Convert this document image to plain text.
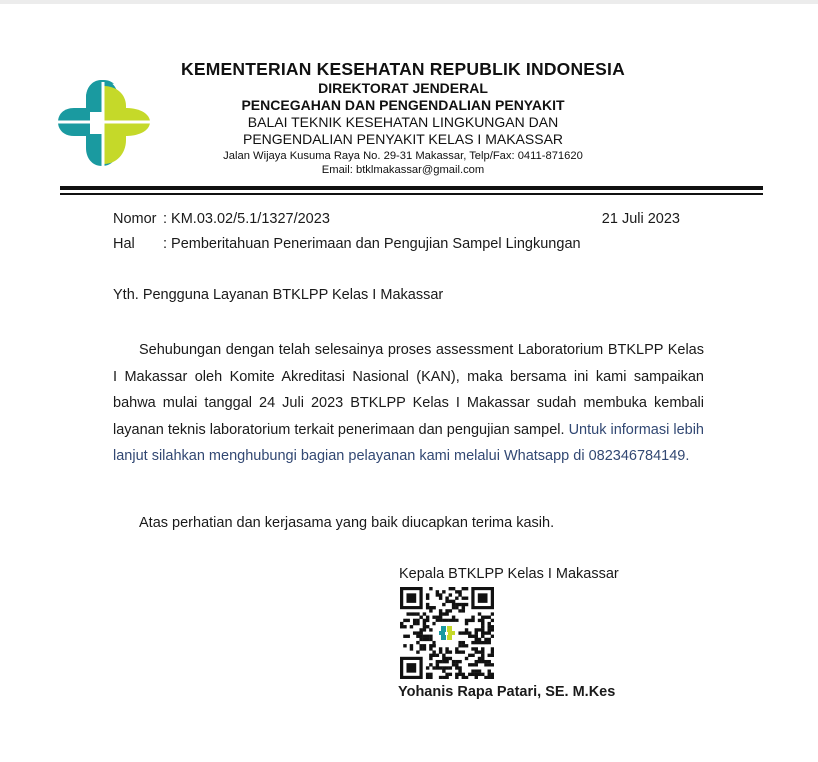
KEMENTERIAN KESEHATAN REPUBLIK INDONESIA
DIREKTORAT JENDERAL
PENCEGAHAN DAN PENGENDALIAN PENYAKIT
BALAI TEKNIK KESEHATAN LINGKUNGAN DAN
PENGENDALIAN PENYAKIT KELAS I MAKASSAR
Jalan Wijaya Kusuma Raya No. 29-31 Makassar, Telp/Fax: 0411-871620
Email: btklmakassar@gmail.com
Nomor : KM.03.02/5.1/1327/2023	21 Juli 2023
Hal : Pemberitahuan Penerimaan dan Pengujian Sampel Lingkungan
Yth. Pengguna Layanan BTKLPP Kelas I Makassar
Sehubungan dengan telah selesainya proses assessment Laboratorium BTKLPP Kelas I Makassar oleh Komite Akreditasi Nasional (KAN), maka bersama ini kami sampaikan bahwa mulai tanggal 24 Juli 2023 BTKLPP Kelas I Makassar sudah membuka kembali layanan teknis laboratorium terkait penerimaan dan pengujian sampel. Untuk informasi lebih lanjut silahkan menghubungi bagian pelayanan kami melalui Whatsapp di 082346784149.
Atas perhatian dan kerjasama yang baik diucapkan terima kasih.
Kepala BTKLPP Kelas I Makassar
Yohanis Rapa Patari, SE. M.Kes
